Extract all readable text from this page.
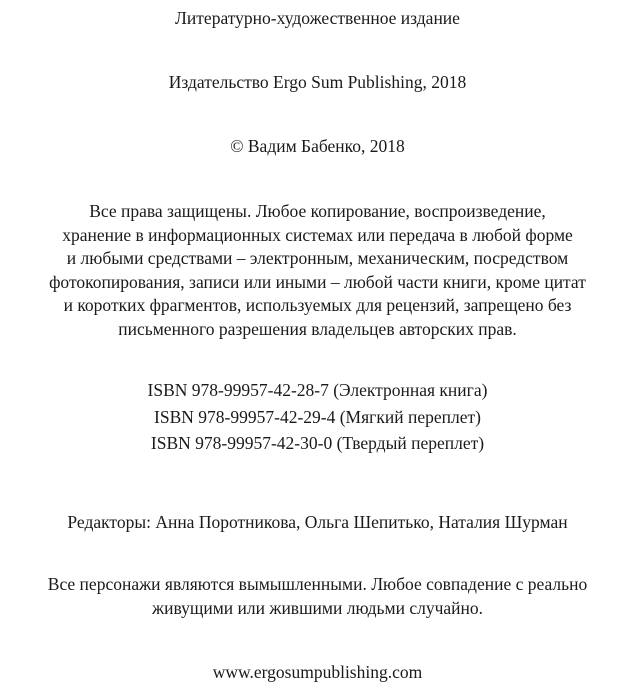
Литературно-художественное издание
Издательство Ergo Sum Publishing, 2018
© Вадим Бабенко, 2018
Все права защищены. Любое копирование, воспроизведение,
хранение в информационных системах или передача в любой форме
и любыми средствами – электронным, механическим, посредством
фотокопирования, записи или иными – любой части книги, кроме цитат
и коротких фрагментов, используемых для рецензий, запрещено без
письменного разрешения владельцев авторских прав.
ISBN 978-99957-42-28-7 (Электронная книга)
ISBN 978-99957-42-29-4 (Мягкий переплет)
ISBN 978-99957-42-30-0 (Твердый переплет)
Редакторы: Анна Поротникова, Ольга Шепитько, Наталия Шурман
Все персонажи являются вымышленными. Любое совпадение с реально
живущими или жившими людьми случайно.
www.ergosumpublishing.com
